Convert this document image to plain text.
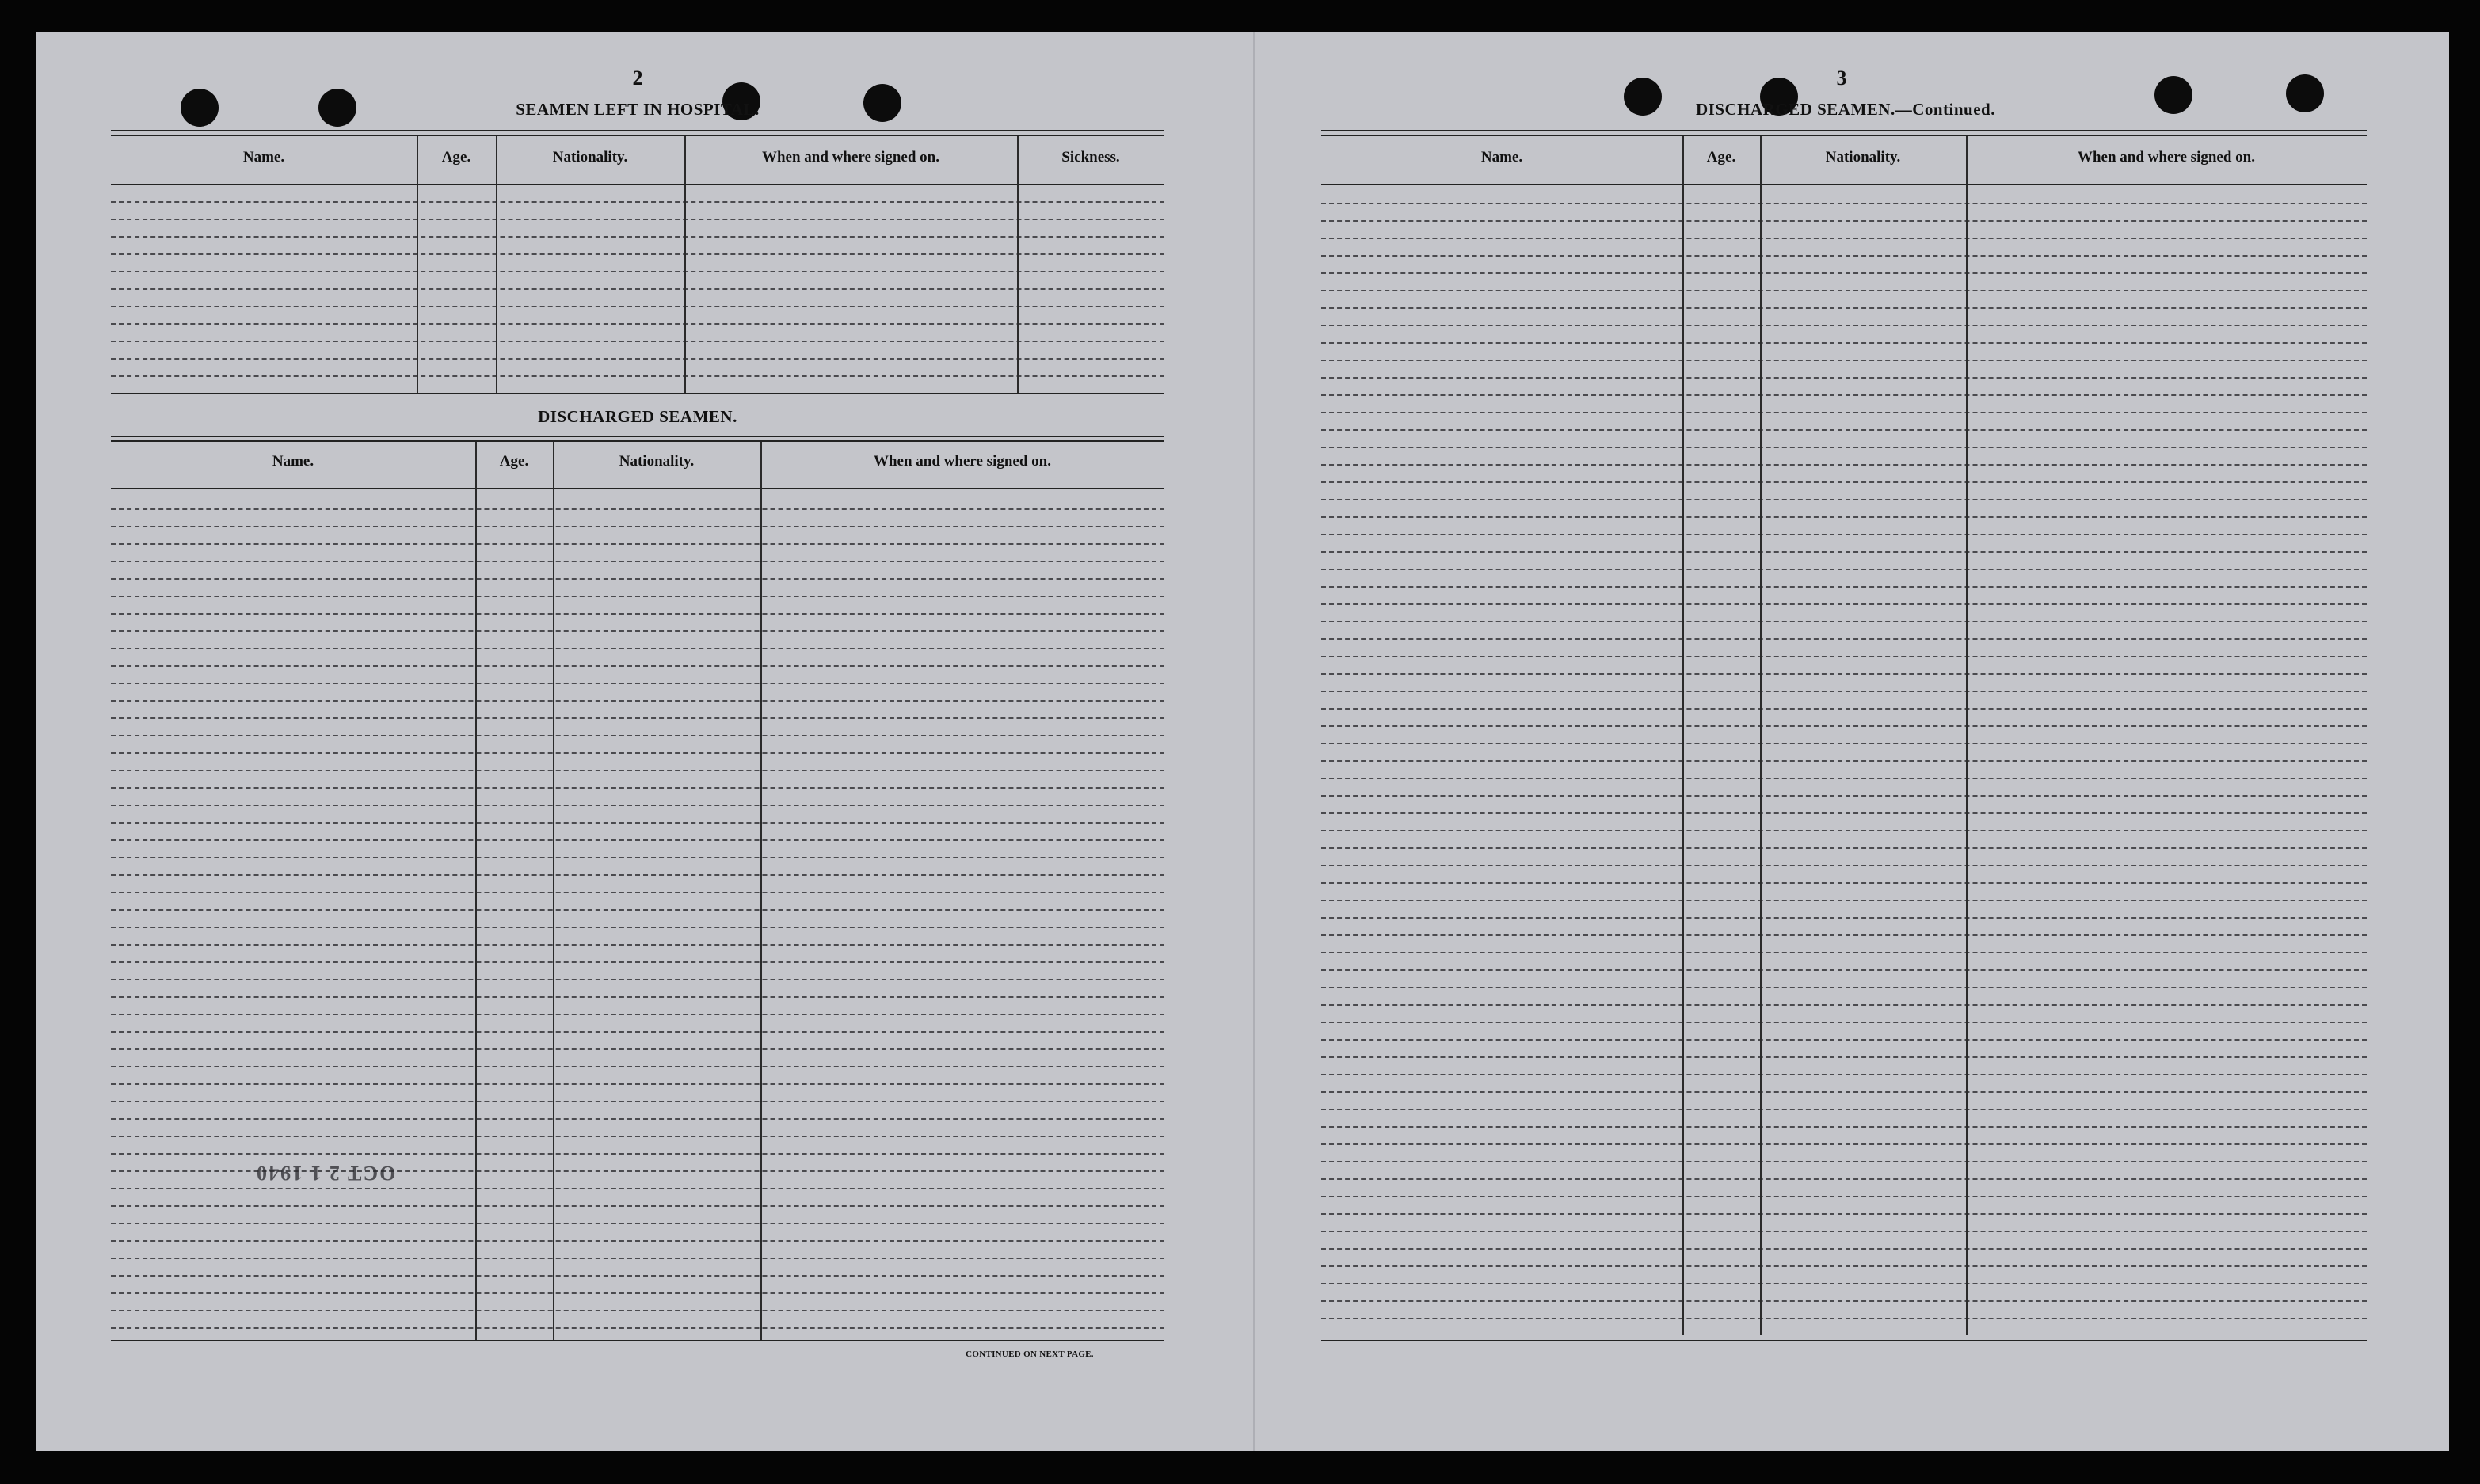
2
SEAMEN LEFT IN HOSPITAL.
Name.	Age.	Nationality.	When and where signed on.	Sickness.
DISCHARGED SEAMEN.
Name.	Age.	Nationality.	When and where signed on.
OCT 2 1 1940
CONTINUED ON NEXT PAGE.
3
DISCHARGED SEAMEN.—Continued.
Name.	Age.	Nationality.	When and where signed on.
